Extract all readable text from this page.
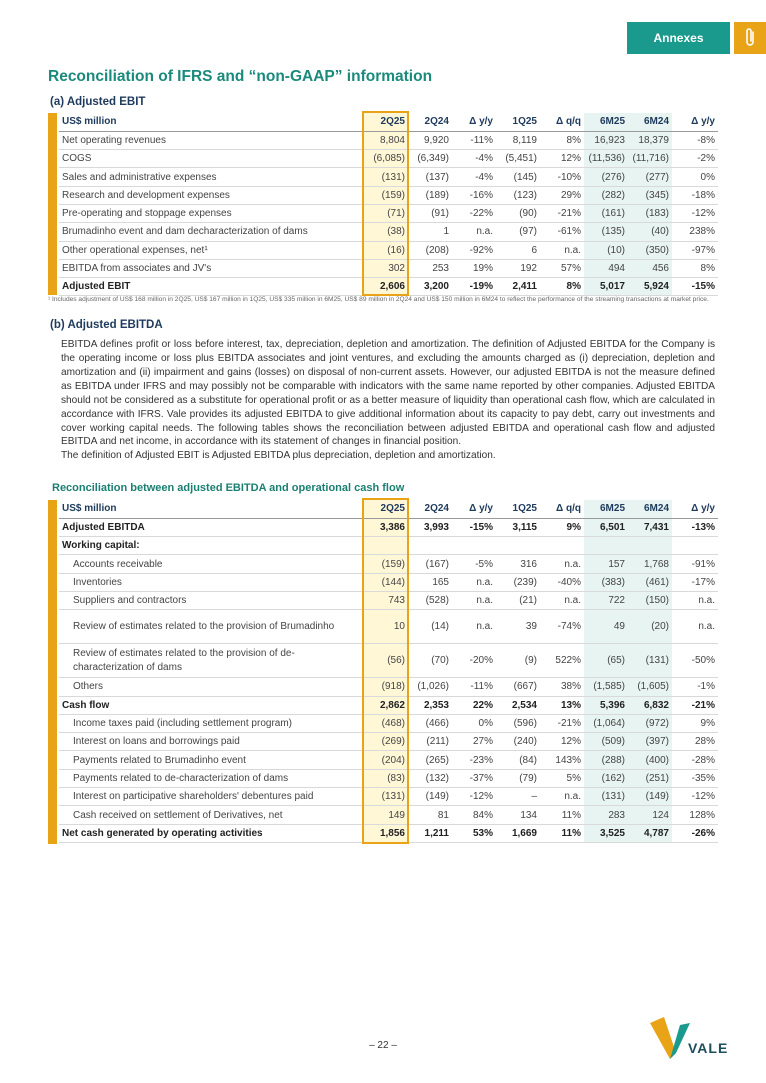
Annexes
Reconciliation of IFRS and “non-GAAP” information
(a) Adjusted EBIT
US$ million	2Q25	2Q24	Δ y/y	1Q25	Δ q/q	6M25	6M24	Δ y/y
Net operating revenues	8,804	9,920	-11%	8,119	8%	16,923	18,379	-8%
COGS	(6,085)	(6,349)	-4%	(5,451)	12%	(11,536)	(11,716)	-2%
Sales and administrative expenses	(131)	(137)	-4%	(145)	-10%	(276)	(277)	0%
Research and development expenses	(159)	(189)	-16%	(123)	29%	(282)	(345)	-18%
Pre-operating and stoppage expenses	(71)	(91)	-22%	(90)	-21%	(161)	(183)	-12%
Brumadinho event and dam decharacterization of dams	(38)	1	n.a.	(97)	-61%	(135)	(40)	238%
Other operational expenses, net¹	(16)	(208)	-92%	6	n.a.	(10)	(350)	-97%
EBITDA from associates and JV's	302	253	19%	192	57%	494	456	8%
Adjusted EBIT	2,606	3,200	-19%	2,411	8%	5,017	5,924	-15%
¹ Includes adjustment of US$ 168 million in 2Q25, US$ 167 million in 1Q25, US$ 335 million in 6M25, US$ 89 million in 2Q24 and US$ 150 million in 6M24 to reflect the performance of the streaming transactions at market price.
(b) Adjusted EBITDA

EBITDA defines profit or loss before interest, tax, depreciation, depletion and amortization. The definition of Adjusted EBITDA for the Company is the operating income or loss plus EBITDA associates and joint ventures, and excluding the amounts charged as (i) depreciation, depletion and amortization and (ii) impairment and gains (losses) on disposal of non-current assets. However, our adjusted EBITDA is not the measure defined as EBITDA under IFRS and may possibly not be comparable with indicators with the same name reported by other companies. Adjusted EBITDA should not be considered as a substitute for operational profit or as a better measure of liquidity than operational cash flow, which are calculated in accordance with IFRS. Vale provides its adjusted EBITDA to give additional information about its capacity to pay debt, carry out investments and cover working capital needs. The following tables shows the reconciliation between adjusted EBITDA and operational cash flow and adjusted EBITDA and net income, in accordance with its statement of changes in financial position.

The definition of Adjusted EBIT is Adjusted EBITDA plus depreciation, depletion and amortization.

Reconciliation between adjusted EBITDA and operational cash flow
US$ million	2Q25	2Q24	Δ y/y	1Q25	Δ q/q	6M25	6M24	Δ y/y
Adjusted EBITDA	3,386	3,993	-15%	3,115	9%	6,501	7,431	-13%
Working capital:								
Accounts receivable	(159)	(167)	-5%	316	n.a.	157	1,768	-91%
Inventories	(144)	165	n.a.	(239)	-40%	(383)	(461)	-17%
Suppliers and contractors	743	(528)	n.a.	(21)	n.a.	722	(150)	n.a.
Review of estimates related to the provision of Brumadinho	10	(14)	n.a.	39	-74%	49	(20)	n.a.
Review of estimates related to the provision of de-characterization of dams	(56)	(70)	-20%	(9)	522%	(65)	(131)	-50%
Others	(918)	(1,026)	-11%	(667)	38%	(1,585)	(1,605)	-1%
Cash flow	2,862	2,353	22%	2,534	13%	5,396	6,832	-21%
Income taxes paid (including settlement program)	(468)	(466)	0%	(596)	-21%	(1,064)	(972)	9%
Interest on loans and borrowings paid	(269)	(211)	27%	(240)	12%	(509)	(397)	28%
Payments related to Brumadinho event	(204)	(265)	-23%	(84)	143%	(288)	(400)	-28%
Payments related to de-characterization of dams	(83)	(132)	-37%	(79)	5%	(162)	(251)	-35%
Interest on participative shareholders' debentures paid	(131)	(149)	-12%	–	n.a.	(131)	(149)	-12%
Cash received on settlement of Derivatives, net	149	81	84%	134	11%	283	124	128%
Net cash generated by operating activities	1,856	1,211	53%	1,669	11%	3,525	4,787	-26%
– 22 –	VALE
